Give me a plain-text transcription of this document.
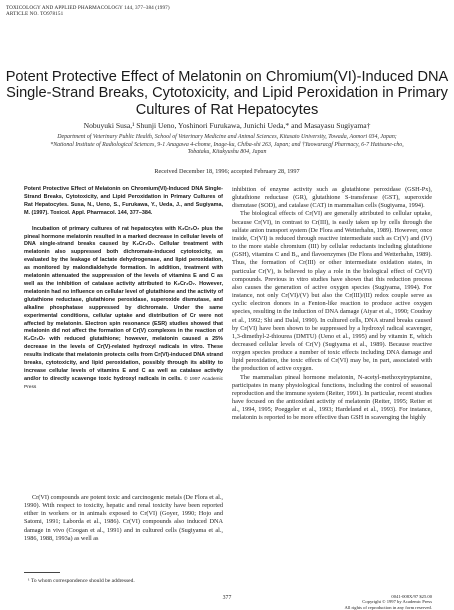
TOXICOLOGY AND APPLIED PHARMACOLOGY 144, 377–384 (1997)
ARTICLE NO. TO978151
Potent Protective Effect of Melatonin on Chromium(VI)-Induced DNA Single-Strand Breaks, Cytotoxicity, and Lipid Peroxidation in Primary Cultures of Rat Hepatocytes
Nobuyuki Susa,¹ Shunji Ueno, Yoshinori Furukawa, Junichi Ueda,* and Masayasu Sugiyama†
Department of Veterinary Public Health, School of Veterinary Medicine and Animal Sciences, Kitasato University, Towada, Aomori 034, Japan; *National Institute of Radiological Sciences, 9-1 Anagawa 4-chome, Inage-ku, Chiba-shi 263, Japan; and †Yaowaracgf Pharmacy, 6-7 Hattsune-cho, Tobataku, Kitakyushu 804, Japan
Received December 18, 1996; accepted February 28, 1997

Potent Protective Effect of Melatonin on Chromium(VI)-Induced DNA Single-Strand Breaks, Cytotoxicity, and Lipid Peroxidation in Primary Cultures of Rat Hepatocytes. Susa, N., Ueno, S., Furukawa, Y., Ueda, J., and Sugiyama, M. (1997). Toxicol. Appl. Pharmacol. 144, 377–384.

Incubation of primary cultures of rat hepatocytes with K₂Cr₂O₇ plus the pineal hormone melatonin resulted in a marked decrease in cellular levels of DNA single-strand breaks caused by K₂Cr₂O₇. Cellular treatment with melatonin also suppressed both dichromate-induced cytotoxicity, as evaluated by the leakage of lactate dehydrogenase, and lipid peroxidation, as monitored by malondialdehyde formation. In addition, treatment with melatonin attenuated the suppression of the levels of vitamins E and C as well as the inhibition of catalase activity attributed to K₂Cr₂O₇. However, melatonin had no influence on cellular level of glutathione and the activity of glutathione reductase, glutathione peroxidase, superoxide dismutase, and alkaline phosphatase suppressed by dichromate. Under the same experimental conditions, cellular uptake and distribution of Cr were not affected by melatonin. Electron spin resonance (ESR) studies showed that melatonin did not affect the formation of Cr(V) complexes in the reaction of K₂Cr₂O₇ with reduced glutathione; however, melatonin caused a 25% decrease in the levels of Cr(V)-related hydroxyl radicals in vitro. These results indicate that melatonin protects cells from Cr(VI)-induced DNA strand breaks, cytotoxicity, and lipid peroxidation, possibly through its ability to increase cellular levels of vitamins E and C as well as catalase activity and/or to directly scavenge toxic hydroxyl radicals in cells. © 1997 Academic Press

Cr(VI) compounds are potent toxic and carcinogenic metals (De Flora et al., 1990). With respect to toxicity, hepatic and renal toxicity have been reported either in workers or in animals exposed to Cr(VI) (Goyer, 1990; Hojo and Satomi, 1991; Laborda et al., 1986). Cr(VI) compounds also induced DNA damage in vivo (Coogan et al., 1991) and in cultured cells (Sugiyama et al., 1986, 1988, 1993a) as well as

inhibition of enzyme activity such as glutathione peroxidase (GSH-Px), glutathione reductase (GR), glutathione S-transferase (GST), superoxide dismutase (SOD), and catalase (CAT) in mammalian cells (Sugiyama, 1994).

The biological effects of Cr(VI) are generally attributed to cellular uptake, because Cr(VI), in contrast to Cr(III), is easily taken up by cells through the sulfate anion transport system (De Flora and Wetterhahn, 1989). However, once inside, Cr(VI) is reduced through reactive intermediate such as Cr(V) and (IV) to the more stable chromium (III) by cellular reductants including glutathione (GSH), vitamins C and B₂, and flavoenzymes (De Flora and Wetterhahn, 1989). Thus, the formation of Cr(III) or other intermediate oxidation states, in particular Cr(V), is believed to play a role in the biological effect of Cr(VI) compounds. Previous in vitro studies have shown that this reduction process also causes the generation of active oxygen species (Sugiyama, 1994). For instance, not only Cr(VI)/(V) but also the Cr(III)/(II) redox couple serve as cyclic electron donors in a Fenton-like reaction to produce active oxygen species, resulting in the induction of DNA damage (Aiyar et al., 1990; Coudray et al., 1992; Shi and Dalal, 1990). In cultured cells, DNA strand breaks caused by Cr(VI) have been shown to be suppressed by a hydroxyl radical scavenger, 1,3-dimethyl-2-thiourea (DMTU) (Ueno et al., 1995) and by vitamin E, which decreased cellular levels of Cr(V) (Sugiyama et al., 1989). Because reactive oxygen species produce a number of toxic effects including DNA damage and lipid peroxidation, the toxic effects of Cr(VI) may be, in part, associated with the production of active oxygen.

The mammalian pineal hormone melatonin, N-acetyl-methoxytryptamine, participates in many physiological functions, including the control of seasonal reproduction and the immune system (Reiter, 1991). In particular, recent studies have focused on the antioxidant activity of melatonin (Reiter, 1995; Reiter et al., 1994, 1995; Poeggeler et al., 1993; Hardeland et al., 1993). For instance, melatonin is reported to be more effective than GSH in scavenging the highly

¹ To whom correspondence should be addressed.
377	0041-008X/97 $25.00
Copyright © 1997 by Academic Press
All rights of reproduction in any form reserved.
